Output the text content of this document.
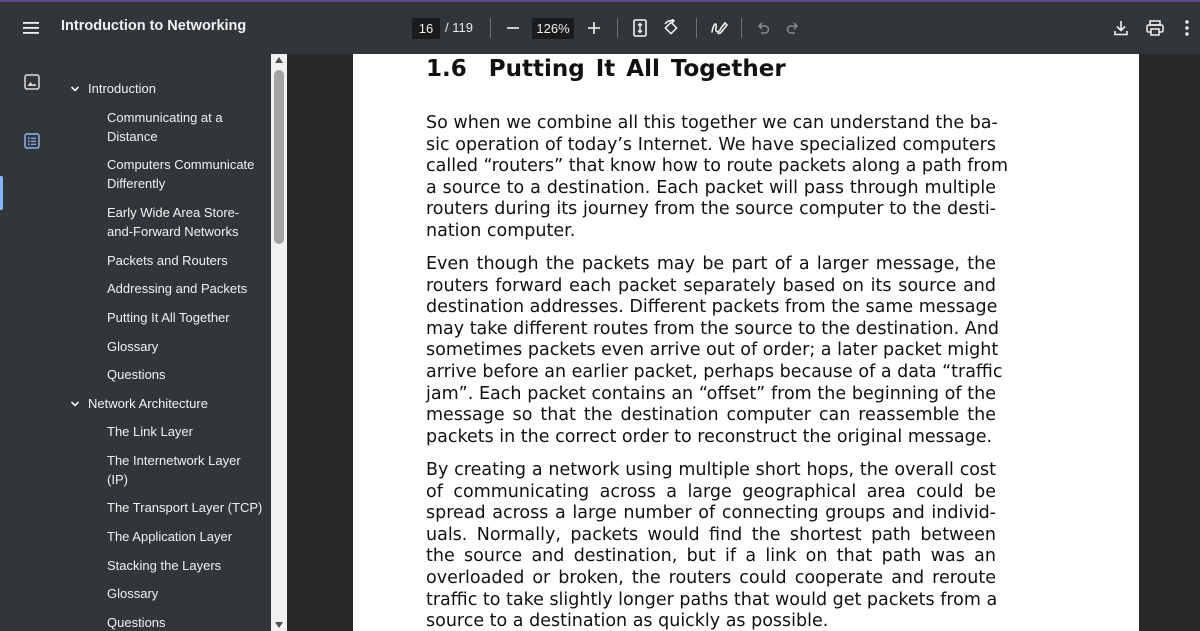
Introduction to Networking	16 / 119	126%
Introduction
Communicating at a
Distance
Computers Communicate
Differently
Early Wide Area Store-
and-Forward Networks
Packets and Routers
Addressing and Packets
Putting It All Together
Glossary
Questions
Network Architecture
The Link Layer
The Internetwork Layer
(IP)
The Transport Layer (TCP)
The Application Layer
Stacking the Layers
Glossary
Questions
1.6 Putting It All Together
So when we combine all this together we can understand the ba-
sic operation of today’s Internet. We have specialized computers
called “routers” that know how to route packets along a path from
a source to a destination. Each packet will pass through multiple
routers during its journey from the source computer to the desti-
nation computer.
Even though the packets may be part of a larger message, the
routers forward each packet separately based on its source and
destination addresses. Different packets from the same message
may take different routes from the source to the destination. And
sometimes packets even arrive out of order; a later packet might
arrive before an earlier packet, perhaps because of a data “traffic
jam”. Each packet contains an “offset” from the beginning of the
message so that the destination computer can reassemble the
packets in the correct order to reconstruct the original message.
By creating a network using multiple short hops, the overall cost
of communicating across a large geographical area could be
spread across a large number of connecting groups and individ-
uals. Normally, packets would find the shortest path between
the source and destination, but if a link on that path was an
overloaded or broken, the routers could cooperate and reroute
traffic to take slightly longer paths that would get packets from a
source to a destination as quickly as possible.
